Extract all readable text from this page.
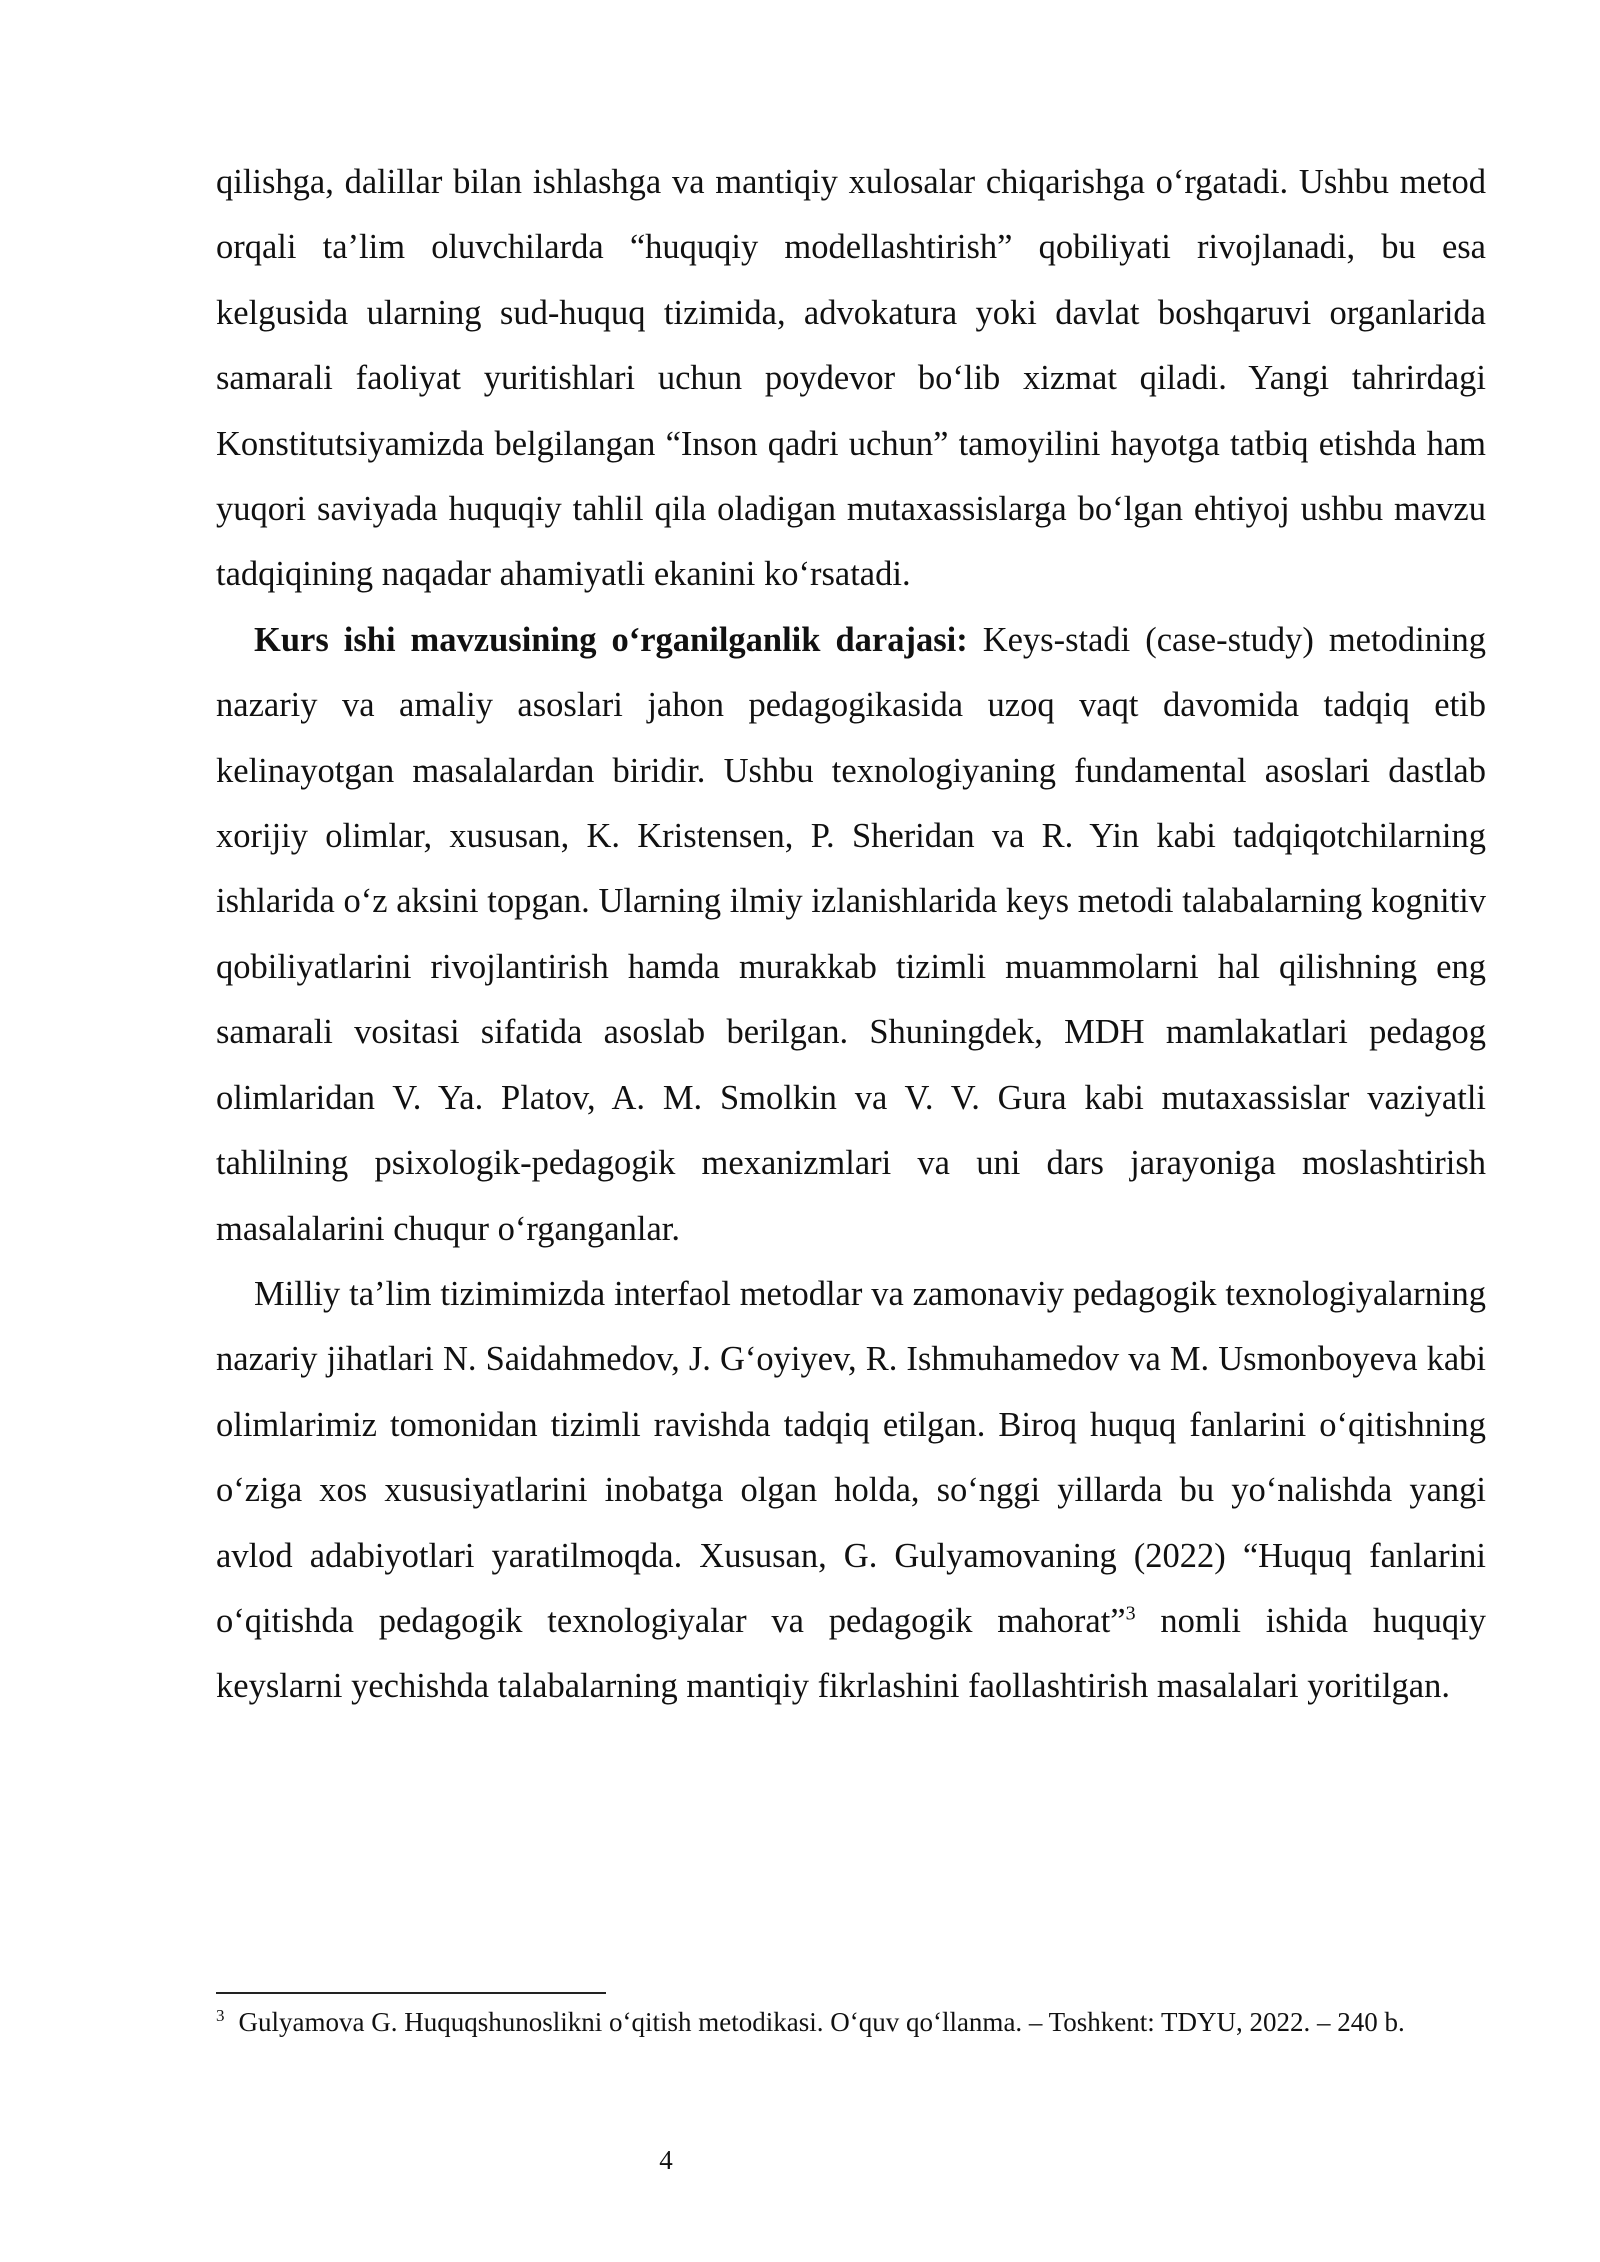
qilishga, dalillar bilan ishlashga va mantiqiy xulosalar chiqarishga o‘rgatadi. Ushbu metod orqali ta’lim oluvchilarda “huquqiy modellashtirish” qobiliyati rivojlanadi, bu esa kelgusida ularning sud-huquq tizimida, advokatura yoki davlat boshqaruvi organlarida samarali faoliyat yuritishlari uchun poydevor bo‘lib xizmat qiladi. Yangi tahrirdagi Konstitutsiyamizda belgilangan “Inson qadri uchun” tamoyilini hayotga tatbiq etishda ham yuqori saviyada huquqiy tahlil qila oladigan mutaxassislarga bo‘lgan ehtiyoj ushbu mavzu tadqiqining naqadar ahamiyatli ekanini ko‘rsatadi.

Kurs ishi mavzusining o‘rganilganlik darajasi: Keys-stadi (case-study) metodining nazariy va amaliy asoslari jahon pedagogikasida uzoq vaqt davomida tadqiq etib kelinayotgan masalalardan biridir. Ushbu texnologiyaning fundamental asoslari dastlab xorijiy olimlar, xususan, K. Kristensen, P. Sheridan va R. Yin kabi tadqiqotchilarning ishlarida o‘z aksini topgan. Ularning ilmiy izlanishlarida keys metodi talabalarning kognitiv qobiliyatlarini rivojlantirish hamda murakkab tizimli muammolarni hal qilishning eng samarali vositasi sifatida asoslab berilgan. Shuningdek, MDH mamlakatlari pedagog olimlaridan V. Ya. Platov, A. M. Smolkin va V. V. Gura kabi mutaxassislar vaziyatli tahlilning psixologik-pedagogik mexanizmlari va uni dars jarayoniga moslashtirish masalalarini chuqur o‘rganganlar.

Milliy ta’lim tizimimizda interfaol metodlar va zamonaviy pedagogik texnologiyalarning nazariy jihatlari N. Saidahmedov, J. G‘oyiyev, R. Ishmuhamedov va M. Usmonboyeva kabi olimlarimiz tomonidan tizimli ravishda tadqiq etilgan. Biroq huquq fanlarini o‘qitishning o‘ziga xos xususiyatlarini inobatga olgan holda, so‘nggi yillarda bu yo‘nalishda yangi avlod adabiyotlari yaratilmoqda. Xususan, G. Gulyamovaning (2022) “Huquq fanlarini o‘qitishda pedagogik texnologiyalar va pedagogik mahorat”$^3$ nomli ishida huquqiy keyslarni yechishda talabalarning mantiqiy fikrlashini faollashtirish masalalari yoritilgan.

$^3$ Gulyamova G. Huquqshunoslikni o‘qitish metodikasi. O‘quv qo‘llanma. – Toshkent: TDYU, 2022. – 240 b.
4
